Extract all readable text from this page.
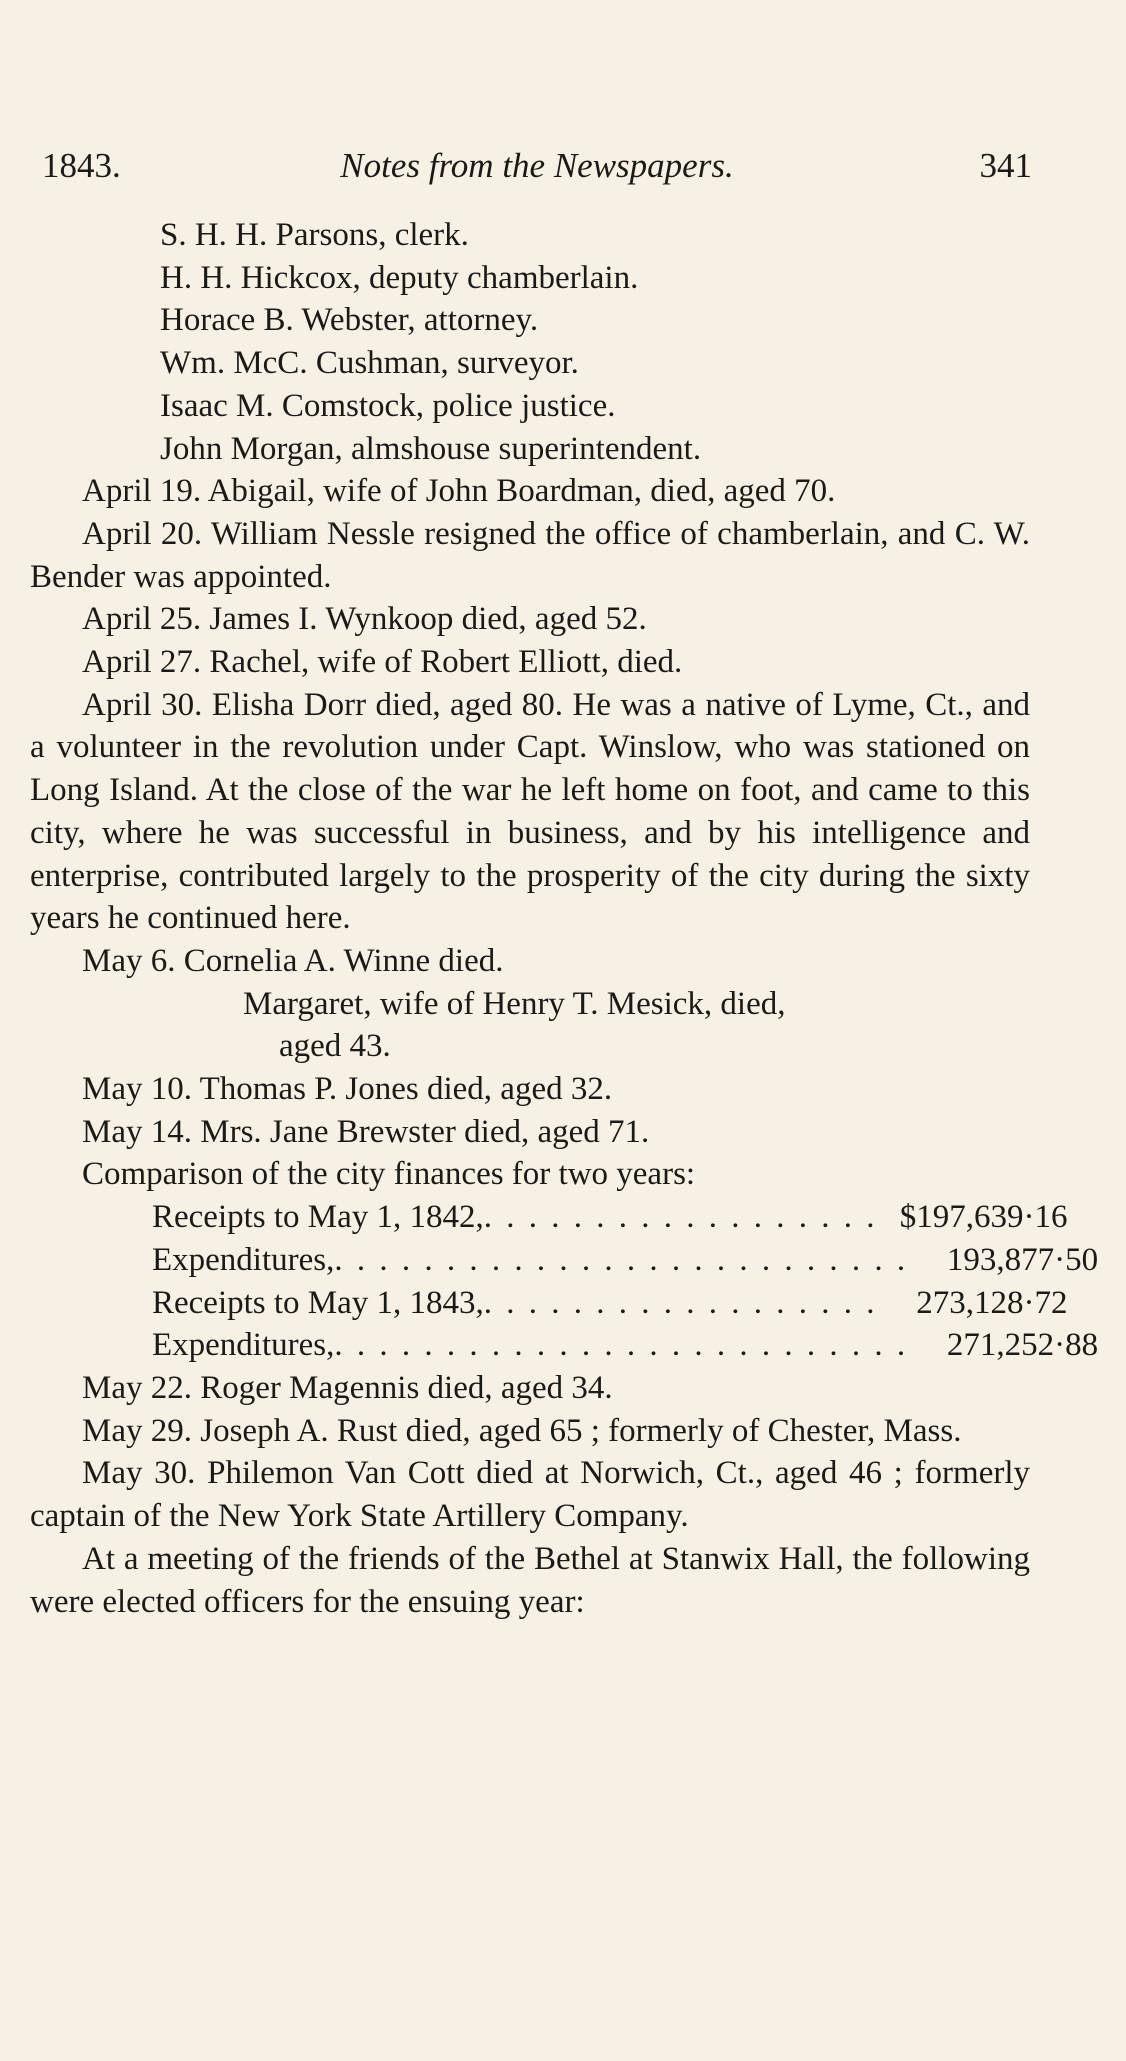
1843.	Notes from the Newspapers.	341

S. H. H. Parsons, clerk.

H. H. Hickcox, deputy chamberlain.

Horace B. Webster, attorney.

Wm. McC. Cushman, surveyor.

Isaac M. Comstock, police justice.

John Morgan, almshouse superintendent.

April 19. Abigail, wife of John Boardman, died, aged 70.

April 20. William Nessle resigned the office of chamberlain, and C. W. Bender was appointed.

April 25. James I. Wynkoop died, aged 52.

April 27. Rachel, wife of Robert Elliott, died.

April 30. Elisha Dorr died, aged 80. He was a native of Lyme, Ct., and a volunteer in the revolution under Capt. Winslow, who was stationed on Long Island. At the close of the war he left home on foot, and came to this city, where he was successful in business, and by his intelligence and enterprise, contributed largely to the prosperity of the city during the sixty years he continued here.

May 6. Cornelia A. Winne died.

Margaret, wife of Henry T. Mesick, died,
aged 43.

May 10. Thomas P. Jones died, aged 32.

May 14. Mrs. Jane Brewster died, aged 71.

Comparison of the city finances for two years:

Receipts to May 1, 1842, . . . . . . . . . . . . . . . . . . $197,639·16
Expenditures, . . . . . . . . . . . . . . . . . . . . . . . . . .	193,877·50
Receipts to May 1, 1843, . . . . . . . . . . . . . . . . . .	273,128·72
Expenditures, . . . . . . . . . . . . . . . . . . . . . . . . . .	271,252·88

May 22. Roger Magennis died, aged 34.

May 29. Joseph A. Rust died, aged 65 ; formerly of Chester, Mass.

May 30. Philemon Van Cott died at Norwich, Ct., aged 46 ; formerly captain of the New York State Artillery Company.

At a meeting of the friends of the Bethel at Stanwix Hall, the following were elected officers for the ensuing year:
